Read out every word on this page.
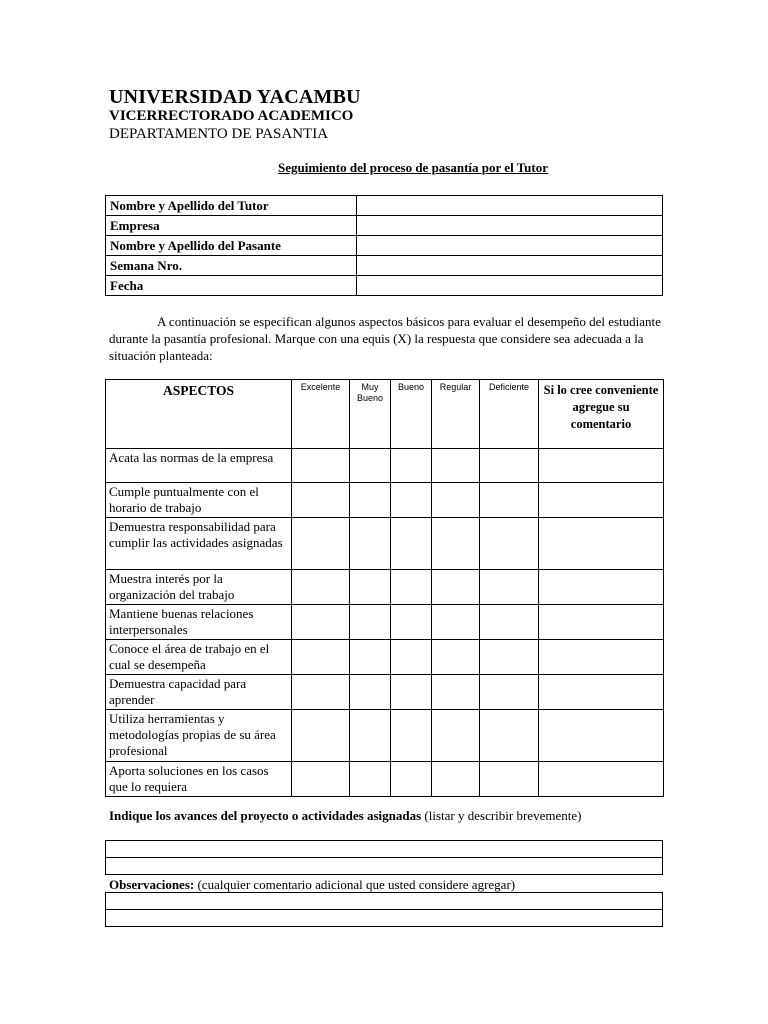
UNIVERSIDAD YACAMBU
VICERRECTORADO ACADEMICO
DEPARTAMENTO DE PASANTIA
Seguimiento del proceso de pasantía por el Tutor
Nombre y Apellido del Tutor	
Empresa	
Nombre y Apellido del Pasante	
Semana Nro.	
Fecha	
A continuación se especifican algunos aspectos básicos para evaluar el desempeño del estudiante durante la pasantía profesional. Marque con una equis (X) la respuesta que considere sea adecuada a la situación planteada:
ASPECTOS	Excelente	Muy Bueno	Bueno	Regular	Deficiente	Si lo cree conveniente agregue su comentario
Acata las normas de la empresa						
Cumple puntualmente con el horario de trabajo						
Demuestra responsabilidad para cumplir las actividades asignadas						
Muestra interés por la organización del trabajo						
Mantiene buenas relaciones interpersonales						
Conoce el área de trabajo en el cual se desempeña						
Demuestra capacidad para aprender						
Utiliza herramientas y metodologías propias de su área profesional						
Aporta soluciones en los casos que lo requiera						
Indique los avances del proyecto o actividades asignadas (listar y describir brevemente)

Observaciones: (cualquier comentario adicional que usted considere agregar)
